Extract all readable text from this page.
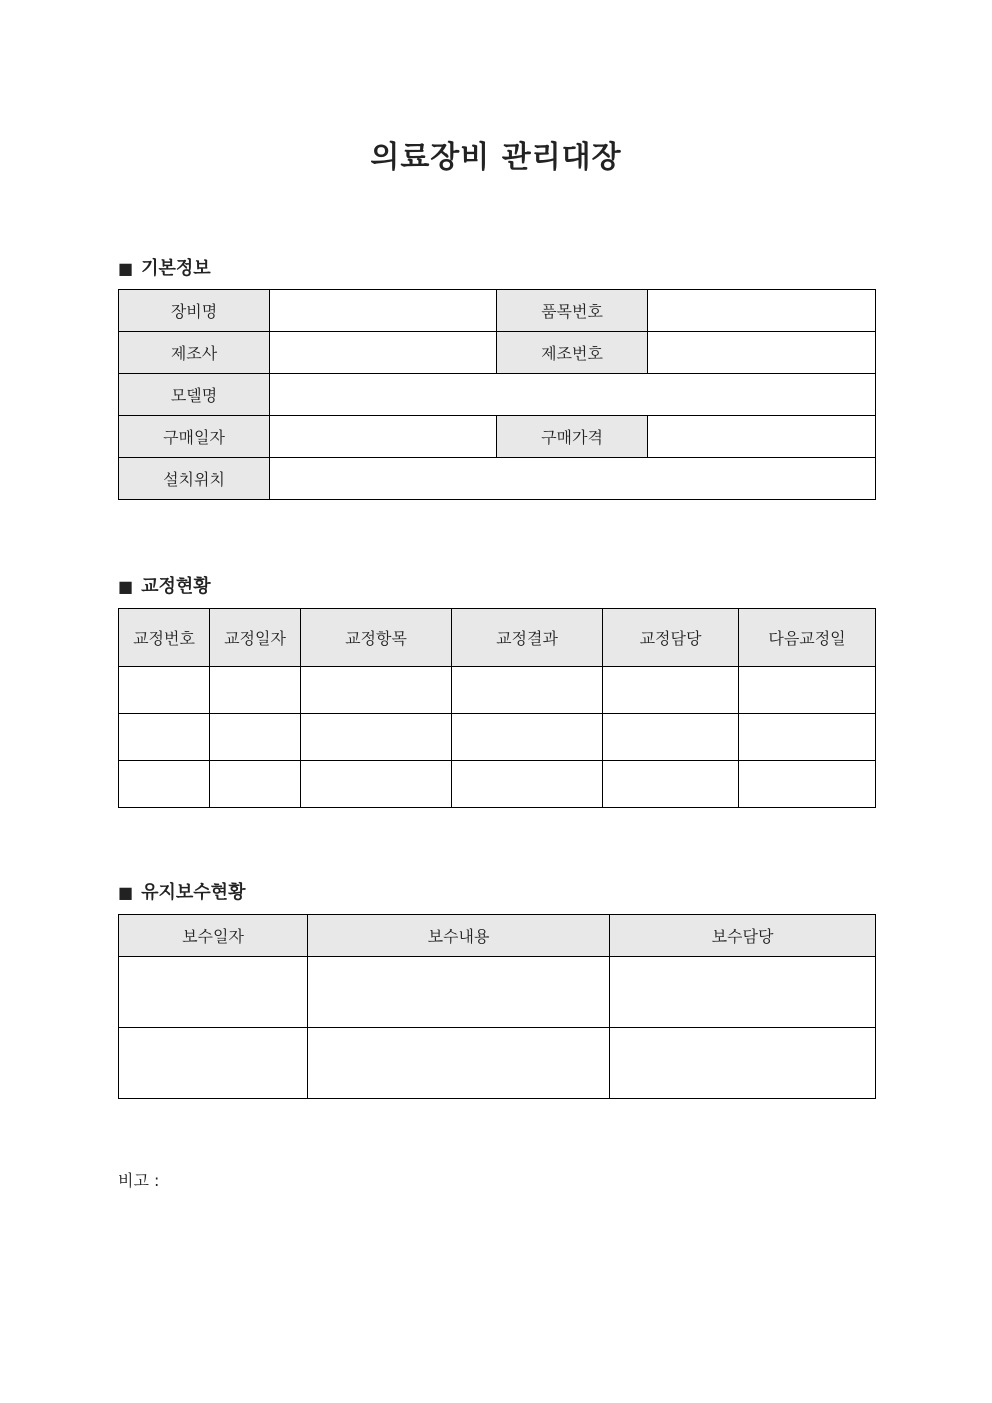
의료장비 관리대장
■ 기본정보
장비명		품목번호	
제조사		제조번호	
모델명			
구매일자		구매가격	
설치위치			
■ 교정현황
교정번호	교정일자	교정항목	교정결과	교정담당	다음교정일

■ 유지보수현황
보수일자	보수내용	보수담당

비고 :
